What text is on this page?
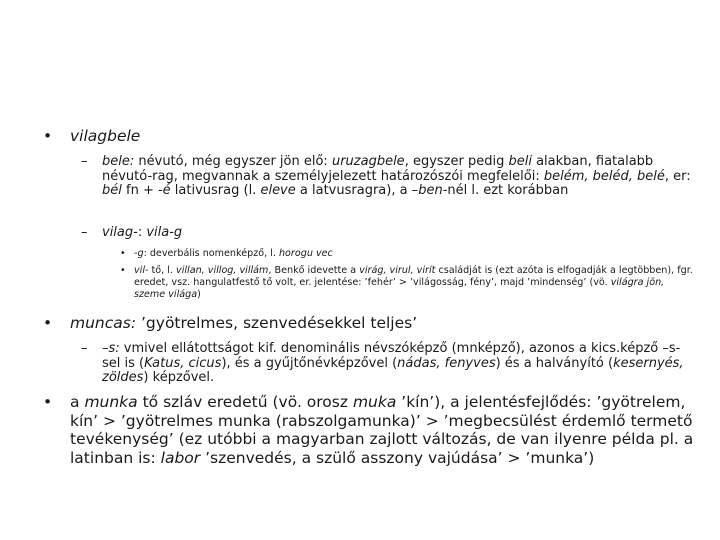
• vilagbele

– bele: névutó, még egyszer jön elő: uruzagbele, egyszer pedig beli alakban, fiatalabb névutó-rag, megvannak a személyjelezett határozószói megfelelői: belém, beléd, belé, er: bél fn + -é lativusrag (l. eleve a latvusragra), a –ben-nél l. ezt korábban

– vilag-: vila-g

• -g: deverbális nomenképző, l. horogu vec

• vil- tő, l. villan, villog, villám, Benkő idevette a virág, virul, virít családját is (ezt azóta is elfogadják a legtöbben), fgr. eredet, vsz. hangulatfestő tő volt, er. jelentése: ’fehér’ > ’világosság, fény’, majd ’mindenség’ (vö. világra jön, szeme világa)

• muncas: ’gyötrelmes, szenvedésekkel teljes’

– –s: vmivel ellátottságot kif. denominális névszóképző (mnképző), azonos a kics.képző –s-sel is (Katus, cicus), és a gyűjtőnévképzővel (nádas, fenyves) és a halványító (kesernyés, zöldes) képzővel.

• a munka tő szláv eredetű (vö. orosz muka ’kín’), a jelentésfejlődés: ’gyötrelem, kín’ > ’gyötrelmes munka (rabszolgamunka)’ > ’megbecsülést érdemlő termető tevékenység’ (ez utóbbi a magyarban zajlott változás, de van ilyenre példa pl. a latinban is: labor ’szenvedés, a szülő asszony vajúdása’ > ’munka’)
